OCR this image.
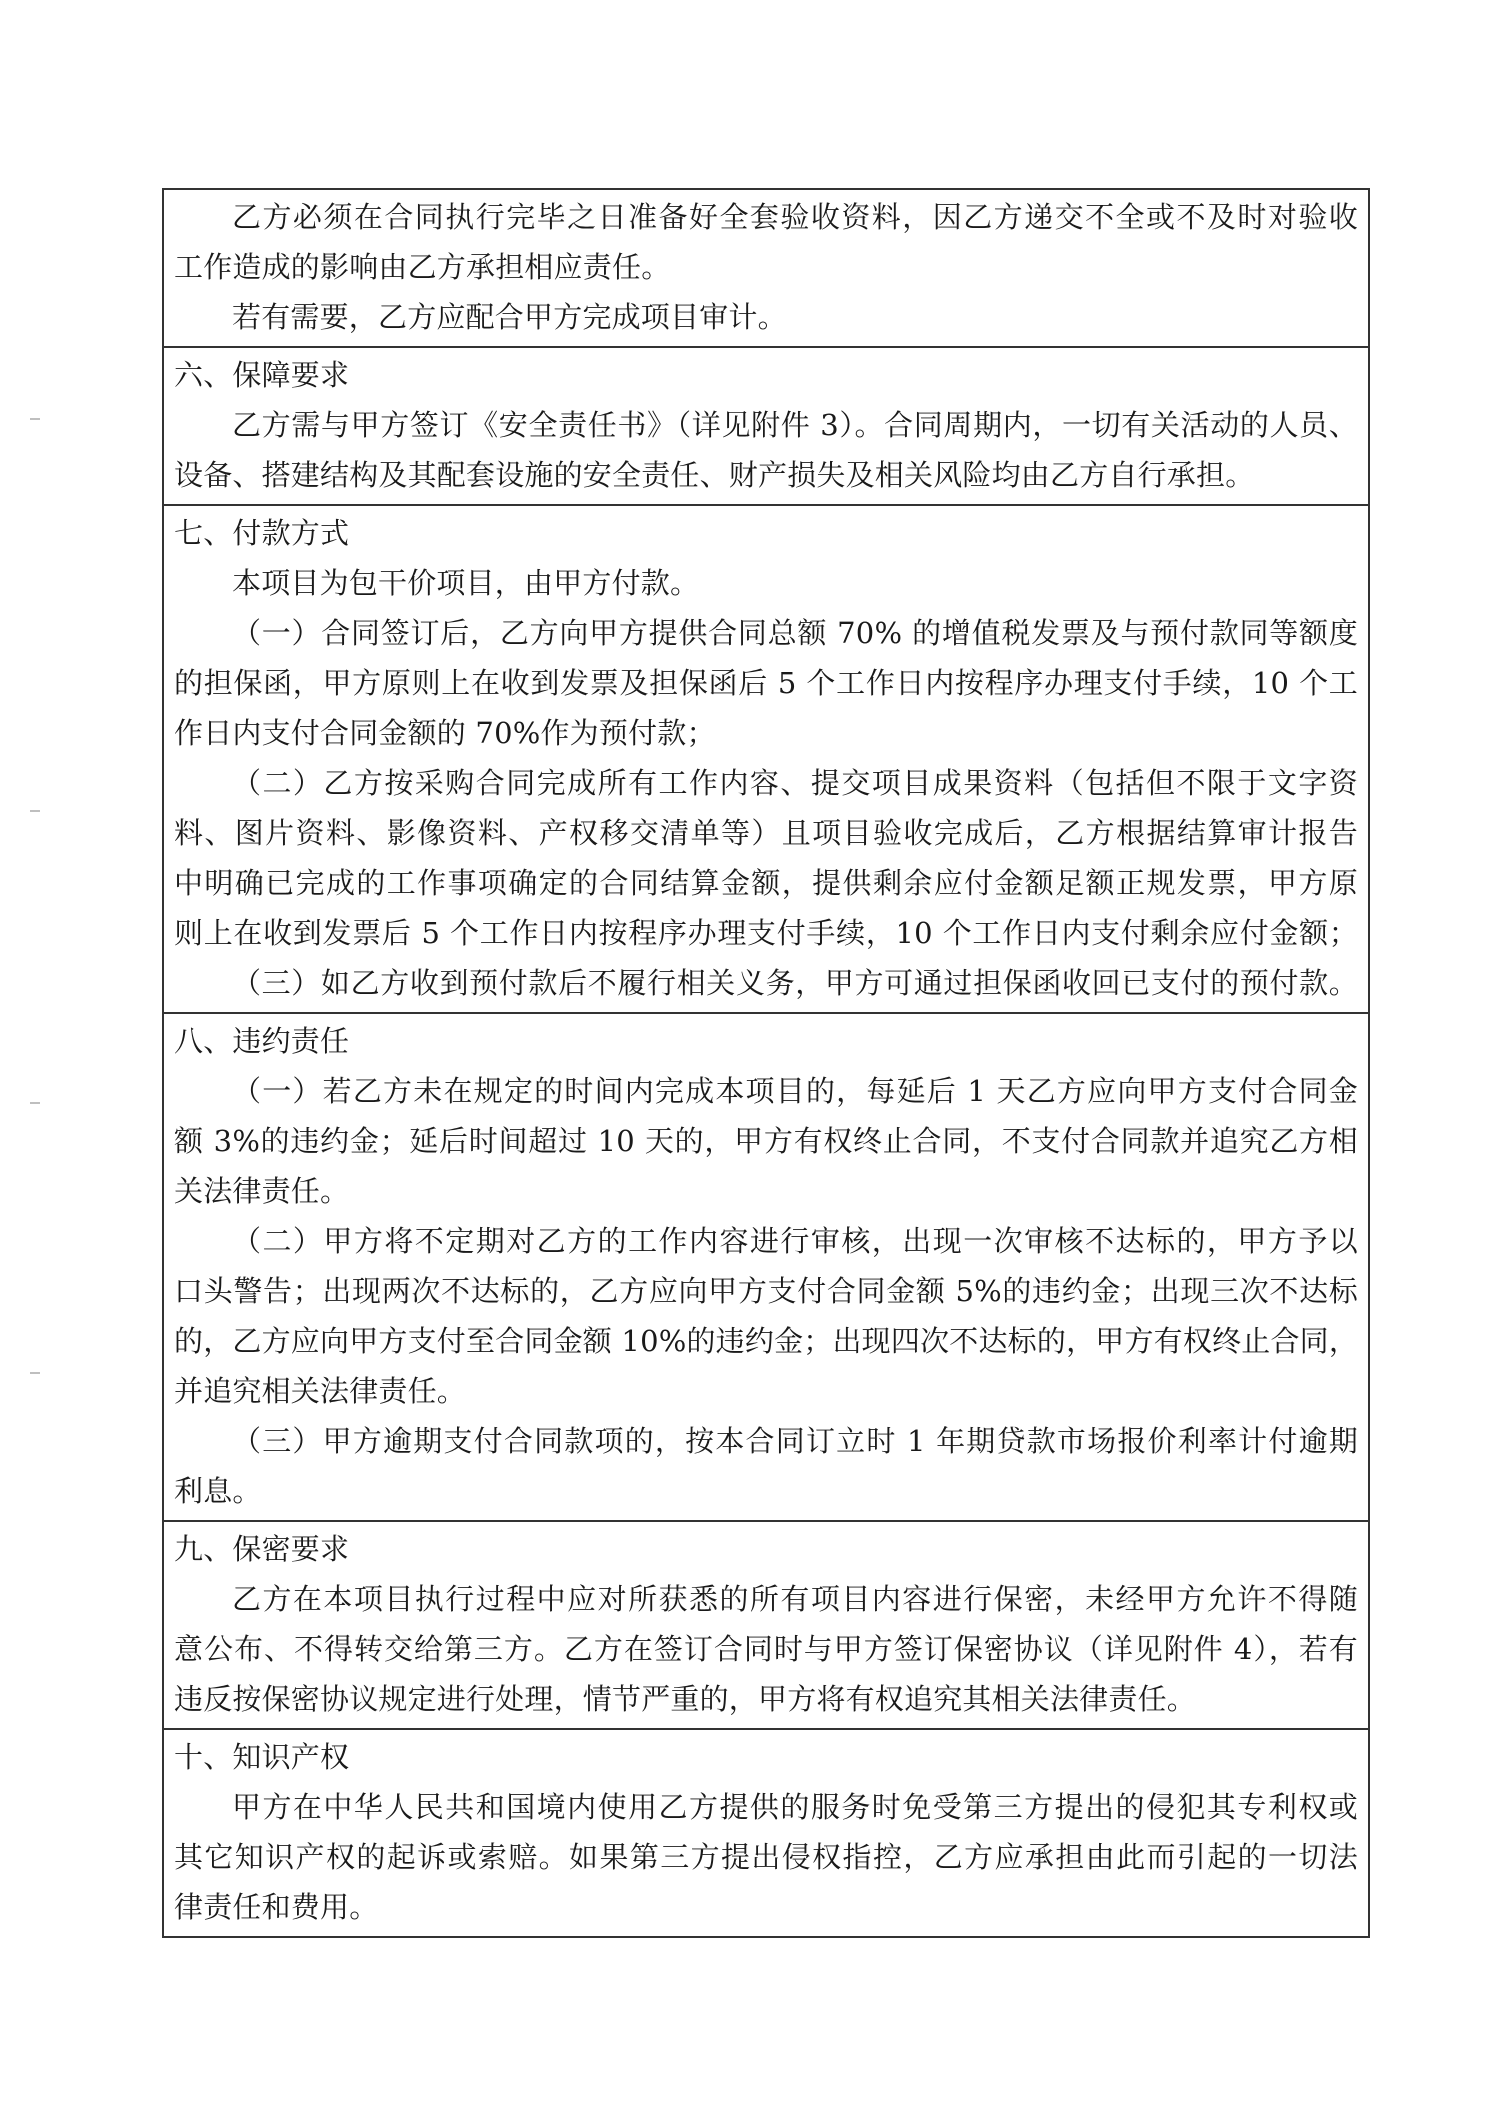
乙方必须在合同执行完毕之日准备好全套验收资料，因乙方递交不全或不及时对验收
工作造成的影响由乙方承担相应责任。
若有需要，乙方应配合甲方完成项目审计。
六、保障要求
乙方需与甲方签订《安全责任书》（详见附件 3）。合同周期内，一切有关活动的人员、
设备、搭建结构及其配套设施的安全责任、财产损失及相关风险均由乙方自行承担。
七、付款方式
本项目为包干价项目，由甲方付款。
（一）合同签订后，乙方向甲方提供合同总额 70% 的增值税发票及与预付款同等额度
的担保函，甲方原则上在收到发票及担保函后 5 个工作日内按程序办理支付手续，10 个工
作日内支付合同金额的 70%作为预付款；
（二）乙方按采购合同完成所有工作内容、提交项目成果资料（包括但不限于文字资
料、图片资料、影像资料、产权移交清单等）且项目验收完成后，乙方根据结算审计报告
中明确已完成的工作事项确定的合同结算金额，提供剩余应付金额足额正规发票，甲方原
则上在收到发票后 5 个工作日内按程序办理支付手续，10 个工作日内支付剩余应付金额；
（三）如乙方收到预付款后不履行相关义务，甲方可通过担保函收回已支付的预付款。
八、违约责任
（一）若乙方未在规定的时间内完成本项目的，每延后 1 天乙方应向甲方支付合同金
额 3%的违约金；延后时间超过 10 天的，甲方有权终止合同，不支付合同款并追究乙方相
关法律责任。
（二）甲方将不定期对乙方的工作内容进行审核，出现一次审核不达标的，甲方予以
口头警告；出现两次不达标的，乙方应向甲方支付合同金额 5%的违约金；出现三次不达标
的，乙方应向甲方支付至合同金额 10%的违约金；出现四次不达标的，甲方有权终止合同，
并追究相关法律责任。
（三）甲方逾期支付合同款项的，按本合同订立时 1 年期贷款市场报价利率计付逾期
利息。
九、保密要求
乙方在本项目执行过程中应对所获悉的所有项目内容进行保密，未经甲方允许不得随
意公布、不得转交给第三方。乙方在签订合同时与甲方签订保密协议（详见附件 4），若有
违反按保密协议规定进行处理，情节严重的，甲方将有权追究其相关法律责任。
十、知识产权
甲方在中华人民共和国境内使用乙方提供的服务时免受第三方提出的侵犯其专利权或
其它知识产权的起诉或索赔。如果第三方提出侵权指控，乙方应承担由此而引起的一切法
律责任和费用。
